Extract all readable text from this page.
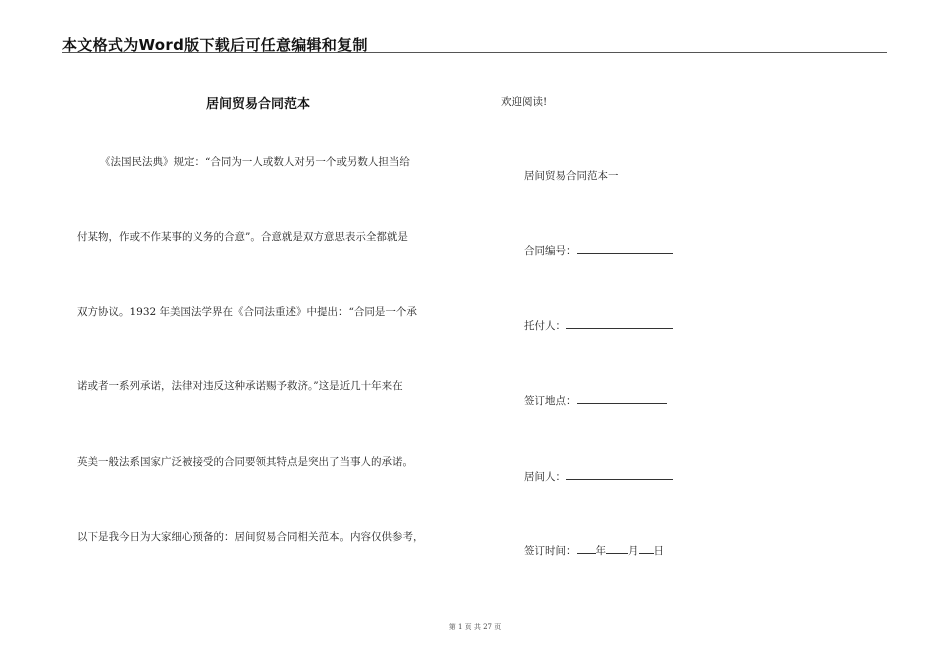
本文格式为Word版下载后可任意编辑和复制
居间贸易合同范本
《法国民法典》规定：“合同为一人或数人对另一个或另数人担当给
付某物，作或不作某事的义务的合意”。合意就是双方意思表示全都就是
双方协议。1932 年美国法学界在《合同法重述》中提出：“合同是一个承
诺或者一系列承诺，法律对违反这种承诺赐予救济。”这是近几十年来在
英美一般法系国家广泛被接受的合同要领其特点是突出了当事人的承诺。
以下是我今日为大家细心预备的：居间贸易合同相关范本。内容仅供参考，
欢迎阅读!
居间贸易合同范本一
合同编号：
托付人：
签订地点：
居间人：
签订时间： 年 月 日
第 1 页 共 27 页
